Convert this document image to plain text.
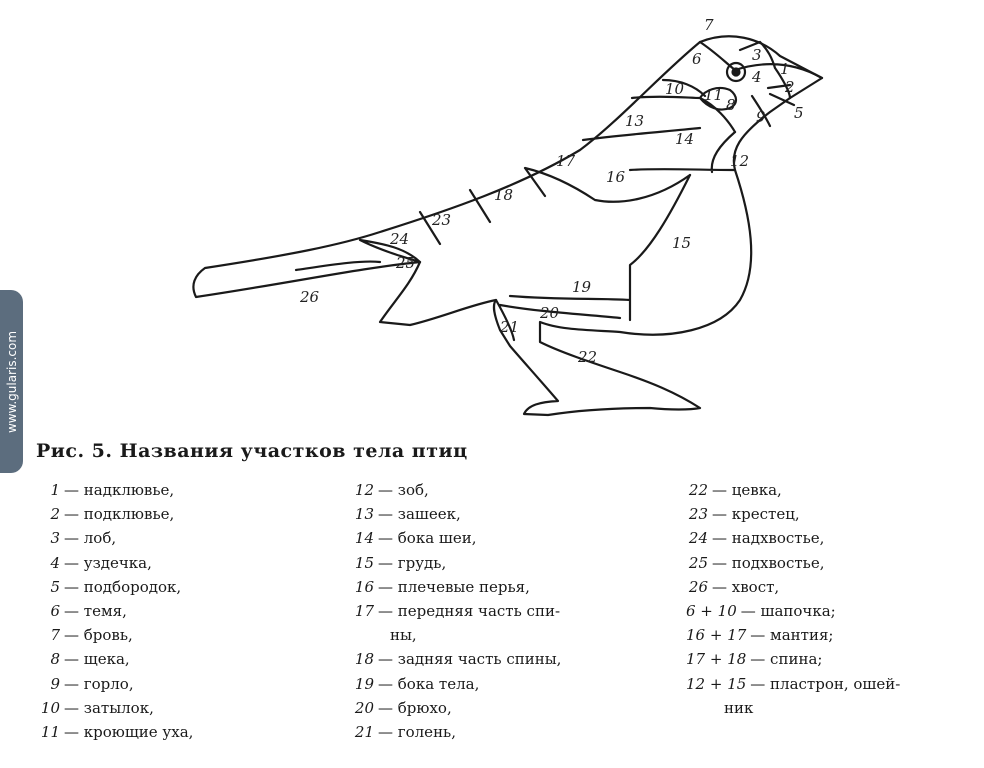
www.gularis.com
1
2
3
4
5
6
7
8
9
10 11
12
13
14
15
16
17
18
19
20
21
22
23
24
25
26
Рис. 5. Названия участков тела птиц
1 — надклювье,
2 — подклювье,
3 — лоб,
4 — уздечка,
5 — подбородок,
6 — темя,
7 — бровь,
8 — щека,
9 — горло,
10 — затылок,
11 — кроющие уха,
12 — зоб,
13 — зашеек,
14 — бока шеи,
15 — грудь,
16 — плечевые перья,
17 — передняя часть спи-
ны,
18 — задняя часть спины,
19 — бока тела,
20 — брюхо,
21 — голень,
22 — цевка,
23 — крестец,
24 — надхвостье,
25 — подхвостье,
26 — хвост,
6 + 10 — шапочка;
16 + 17 — мантия;
17 + 18 — спина;
12 + 15 — пластрон, ошей-
ник
